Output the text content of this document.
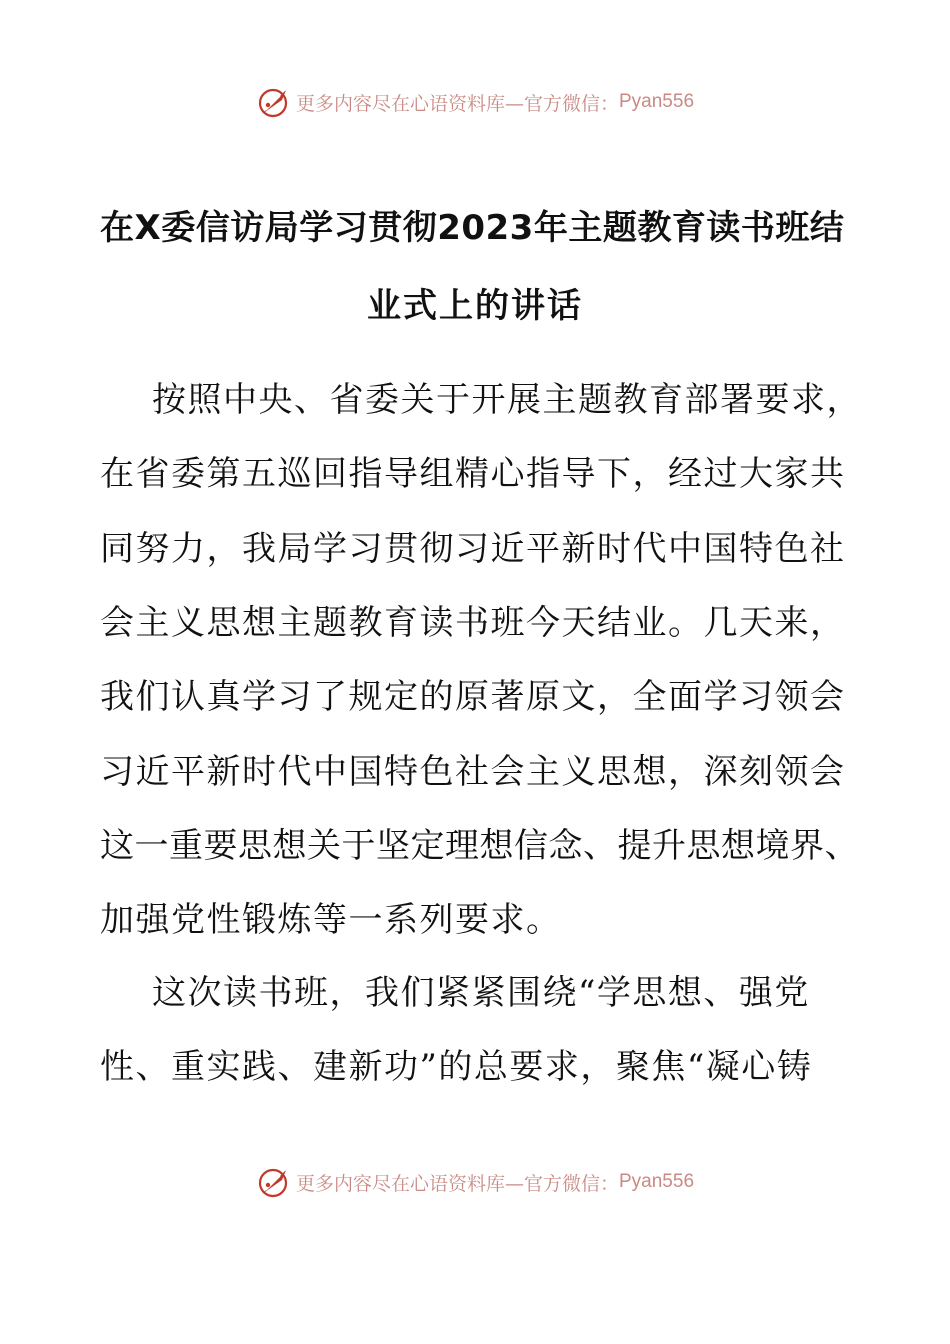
更多内容尽在心语资料库—官方微信： Pyan556
在X委信访局学习贯彻2023年主题教育读书班结
业式上的讲话
按照中央、省委关于开展主题教育部署要求，
在省委第五巡回指导组精心指导下，经过大家共
同努力，我局学习贯彻习近平新时代中国特色社
会主义思想主题教育读书班今天结业。几天来，
我们认真学习了规定的原著原文，全面学习领会
习近平新时代中国特色社会主义思想，深刻领会
这一重要思想关于坚定理想信念、提升思想境界、
加强党性锻炼等一系列要求。
这次读书班，我们紧紧围绕“学思想、强党
性、重实践、建新功”的总要求，聚焦“凝心铸
更多内容尽在心语资料库—官方微信： Pyan556
